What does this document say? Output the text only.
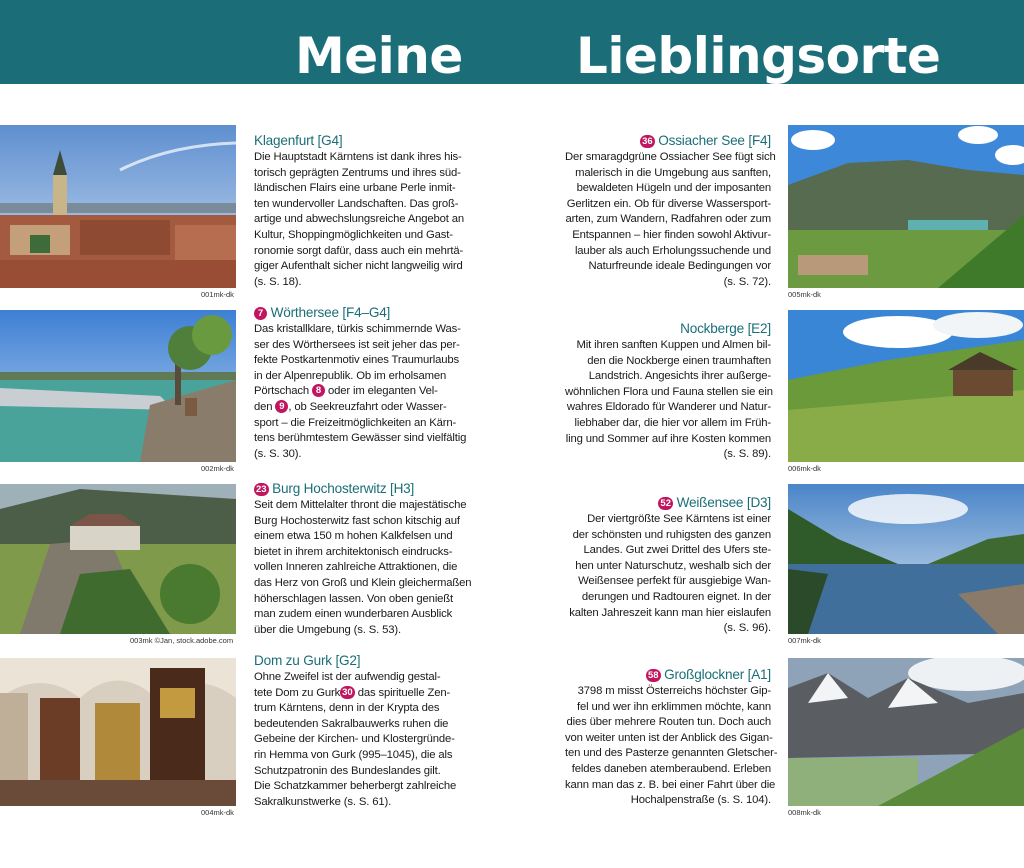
Meine Lieblingsorte
001mk-dk
Klagenfurt [G4]

Die Hauptstadt Kärntens ist dank ihres his-
torisch geprägten Zentrums und ihres süd-
ländischen Flairs eine urbane Perle inmit-
ten wundervoller Landschaften. Das groß-
artige und abwechslungsreiche Angebot an
Kultur, Shoppingmöglichkeiten und Gast-
ronomie sorgt dafür, dass auch ein mehrtä-
giger Aufenthalt sicher nicht langweilig wird
(s. S. 18).

002mk-dk
7 Wörthersee [F4–G4]

Das kristallklare, türkis schimmernde Was-
ser des Wörthersees ist seit jeher das per-
fekte Postkartenmotiv eines Traumurlaubs
in der Alpenrepublik. Ob im erholsamen
Pörtschach 8 oder im eleganten Vel-
den 9 , ob Seekreuzfahrt oder Wasser-
sport – die Freizeitmöglichkeiten an Kärn-
tens berühmtestem Gewässer sind vielfältig
(s. S. 30).

003mk ©Jan, stock.adobe.com
23 Burg Hochosterwitz [H3]

Seit dem Mittelalter thront die majestätische
Burg Hochosterwitz fast schon kitschig auf
einem etwa 150 m hohen Kalkfelsen und
bietet in ihrem architektonisch eindrucks-
vollen Inneren zahlreiche Attraktionen, die
das Herz von Groß und Klein gleichermaßen
höherschlagen lassen. Von oben genießt
man zudem einen wunderbaren Ausblick
über die Umgebung (s. S. 53).

004mk-dk
Dom zu Gurk [G2]

Ohne Zweifel ist der aufwendig gestal-
tete Dom zu Gurk 30 das spirituelle Zen-
trum Kärntens, denn in der Krypta des
bedeutenden Sakralbauwerks ruhen die
Gebeine der Kirchen- und Klostergründe-
rin Hemma von Gurk (995–1045), die als
Schutzpatronin des Bundeslandes gilt.
Die Schatzkammer beherbergt zahlreiche
Sakralkunstwerke (s. S. 61).

36 Ossiacher See [F4]

Der smaragdgrüne Ossiacher See fügt sich
malerisch in die Umgebung aus sanften,
bewaldeten Hügeln und der imposanten
Gerlitzen ein. Ob für diverse Wassersport-
arten, zum Wandern, Radfahren oder zum
Entspannen – hier finden sowohl Aktivur-
lauber als auch Erholungssuchende und
Naturfreunde ideale Bedingungen vor
(s. S. 72).

005mk-dk
Nockberge [E2]

Mit ihren sanften Kuppen und Almen bil-
den die Nockberge einen traumhaften
Landstrich. Angesichts ihrer außerge-
wöhnlichen Flora und Fauna stellen sie ein
wahres Eldorado für Wanderer und Natur-
liebhaber dar, die hier vor allem im Früh-
ling und Sommer auf ihre Kosten kommen
(s. S. 89).

006mk-dk
52 Weißensee [D3]

Der viertgrößte See Kärntens ist einer
der schönsten und ruhigsten des ganzen
Landes. Gut zwei Drittel des Ufers ste-
hen unter Naturschutz, weshalb sich der
Weißensee perfekt für ausgiebige Wan-
derungen und Radtouren eignet. In der
kalten Jahreszeit kann man hier eislaufen
(s. S. 96).

007mk-dk
58 Großglockner [A1]

3798 m misst Österreichs höchster Gip-
fel und wer ihn erklimmen möchte, kann
dies über mehrere Routen tun. Doch auch
von weiter unten ist der Anblick des Gigan-
ten und des Pasterze genannten Gletscher-
feldes daneben atemberaubend. Erleben
kann man das z. B. bei einer Fahrt über die
Hochalpenstraße (s. S. 104).

008mk-dk
